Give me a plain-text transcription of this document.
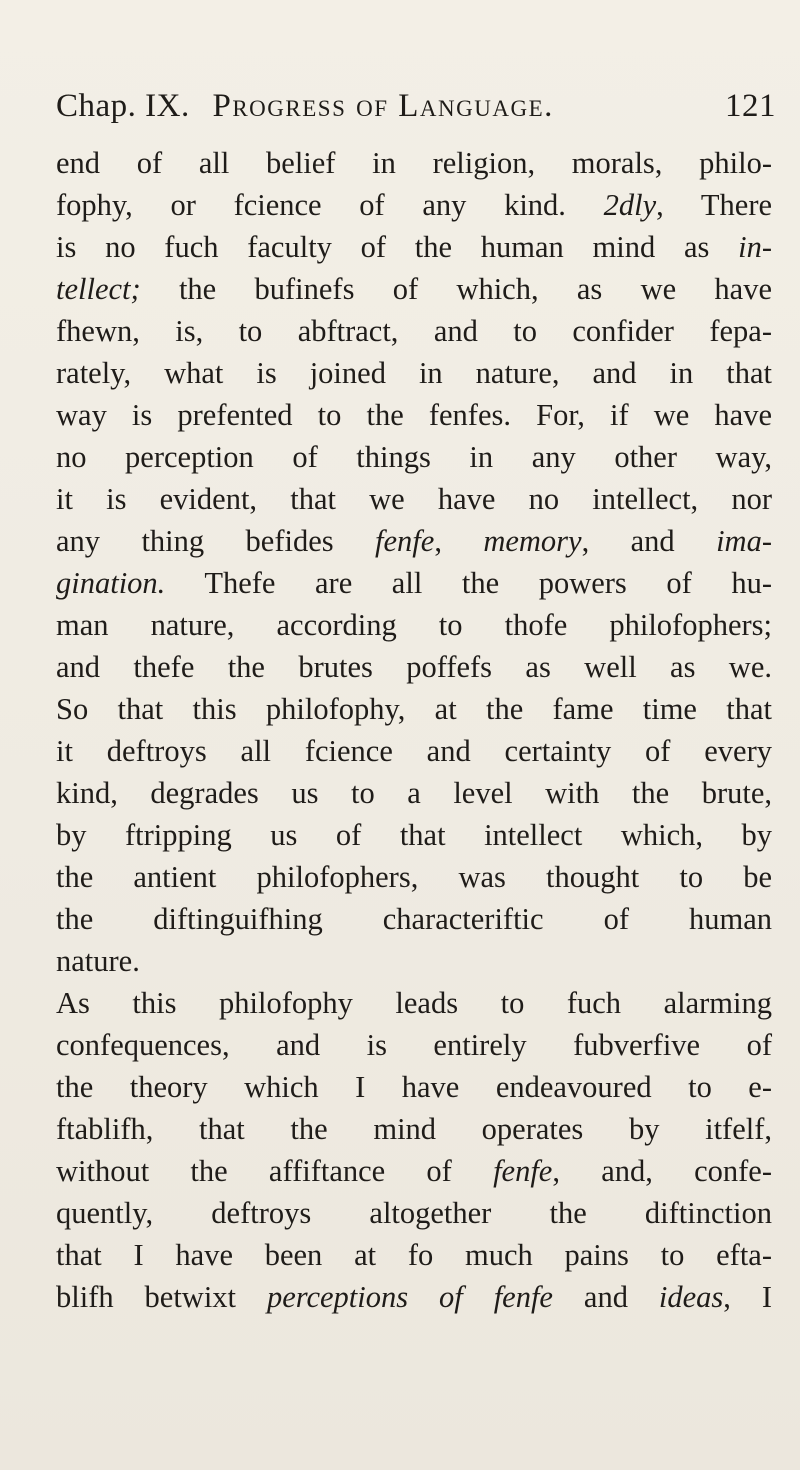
Chap. IX. Progress of Language.	121
end of all belief in religion, morals, philo-
fophy, or fcience of any kind. 2dly, There
is no fuch faculty of the human mind as in-
tellect; the bufinefs of which, as we have
fhewn, is, to abftract, and to confider fepa-
rately, what is joined in nature, and in that
way is prefented to the fenfes. For, if we have
no perception of things in any other way,
it is evident, that we have no intellect, nor
any thing befides fenfe, memory, and ima-
gination. Thefe are all the powers of hu-
man nature, according to thofe philofophers;
and thefe the brutes poffefs as well as we.
So that this philofophy, at the fame time that
it deftroys all fcience and certainty of every
kind, degrades us to a level with the brute,
by ftripping us of that intellect which, by
the antient philofophers, was thought to be
the diftinguifhing characteriftic of human
nature.
As this philofophy leads to fuch alarming
confequences, and is entirely fubverfive of
the theory which I have endeavoured to e-
ftablifh, that the mind operates by itfelf,
without the affiftance of fenfe, and, confe-
quently, deftroys altogether the diftinction
that I have been at fo much pains to efta-
blifh betwixt perceptions of fenfe and ideas, I
